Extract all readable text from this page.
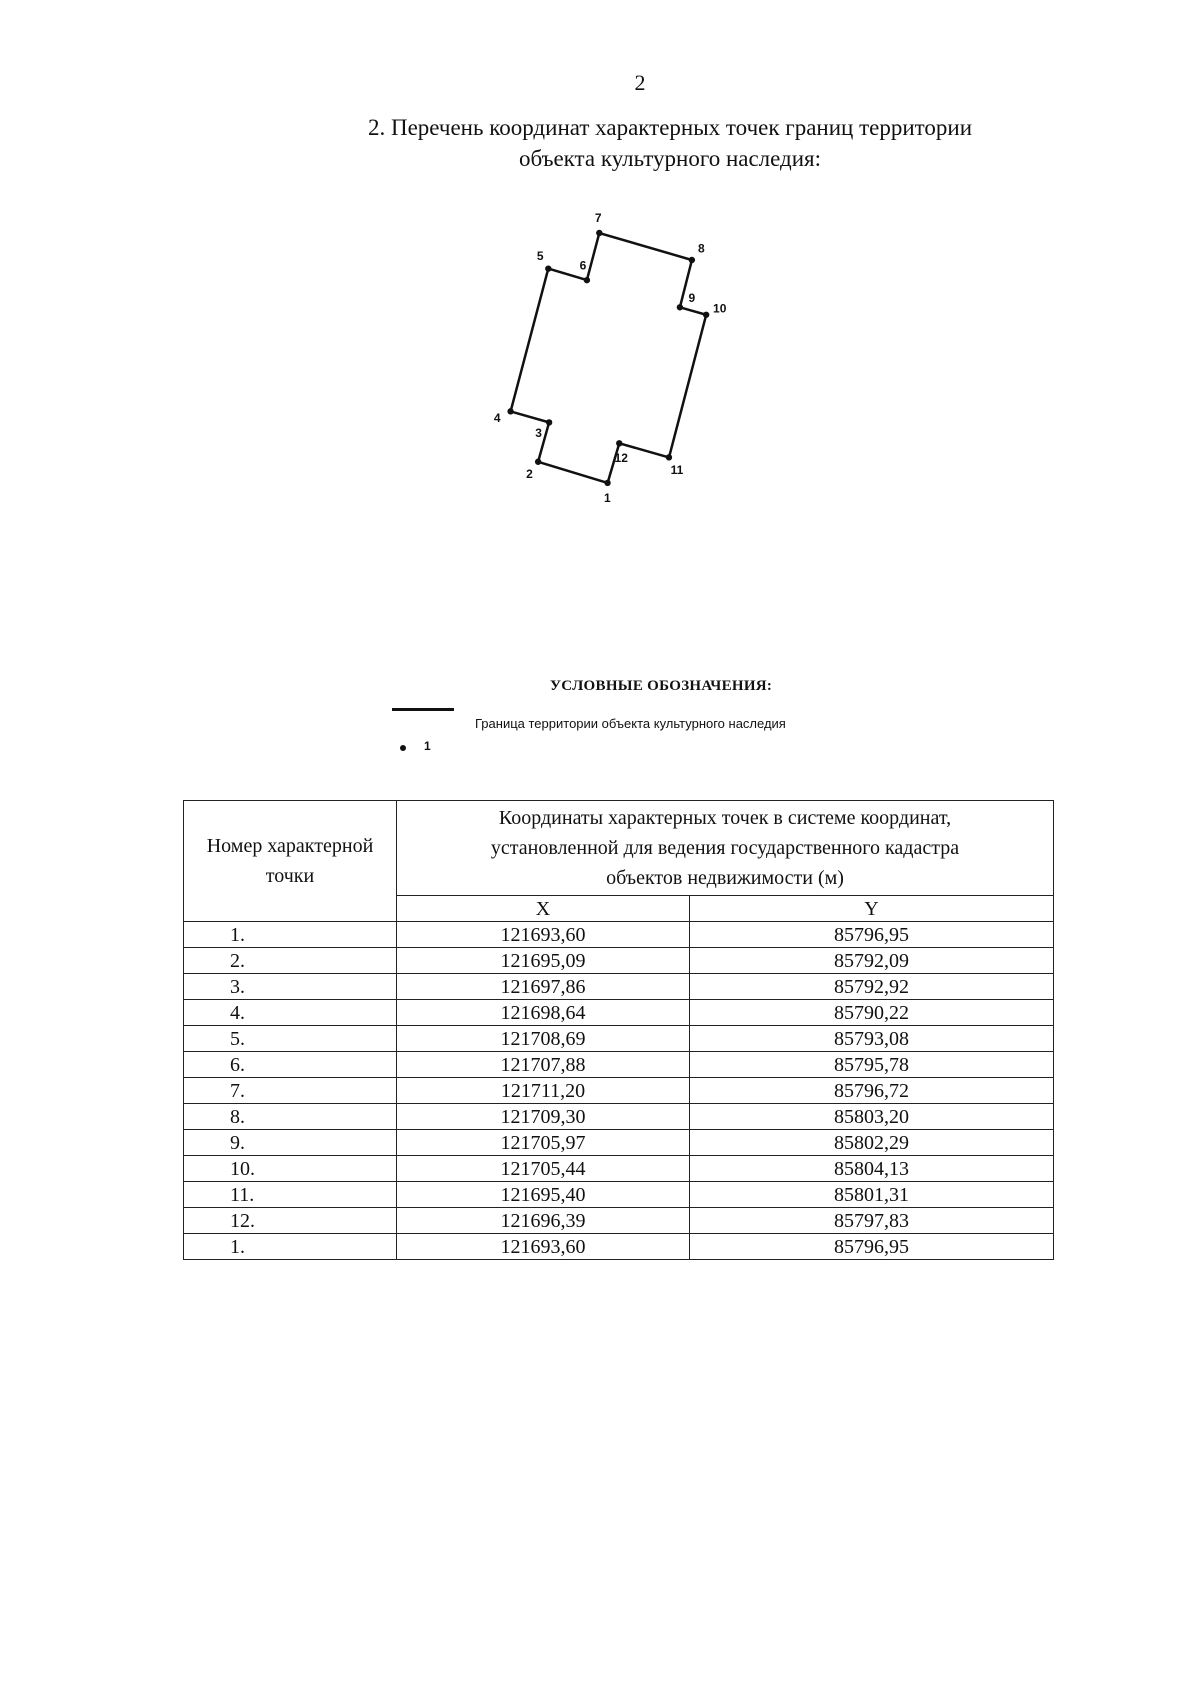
2
2. Перечень координат характерных точек границ территории
объекта культурного наследия:
1
2
3
4
5
6
7
8
9
10
11
12
УСЛОВНЫЕ ОБОЗНАЧЕНИЯ:
Граница территории объекта культурного наследия
1
Номер характерной точки	Координаты характерных точек в системе координат,
установленной для ведения государственного кадастра
объектов недвижимости (м)	

	X	Y
1.	121693,60	85796,95
2.	121695,09	85792,09
3.	121697,86	85792,92
4.	121698,64	85790,22
5.	121708,69	85793,08
6.	121707,88	85795,78
7.	121711,20	85796,72
8.	121709,30	85803,20
9.	121705,97	85802,29
10.	121705,44	85804,13
11.	121695,40	85801,31
12.	121696,39	85797,83
1.	121693,60	85796,95
